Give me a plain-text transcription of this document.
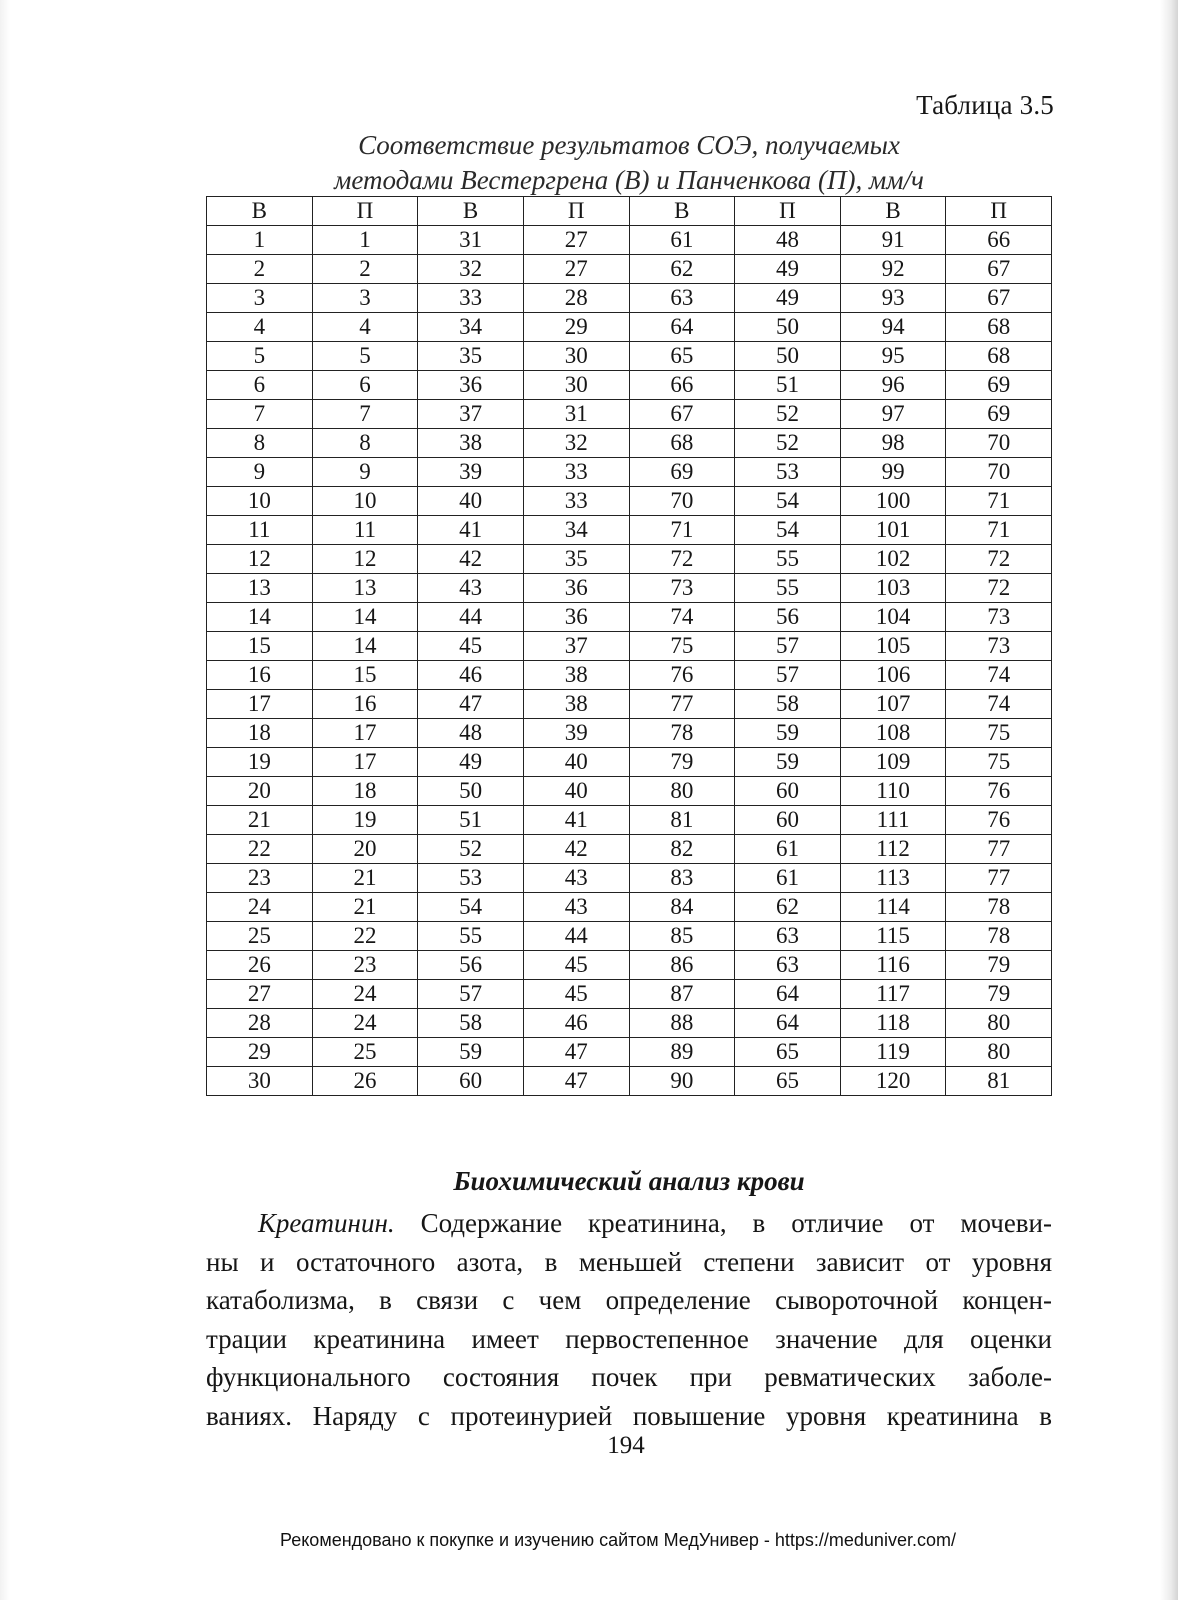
Таблица 3.5
Соответствие результатов СОЭ, получаемых
методами Вестергрена (В) и Панченкова (П), мм/ч
В	П	В	П	В	П	В	П
1	1	31	27	61	48	91	66
2	2	32	27	62	49	92	67
3	3	33	28	63	49	93	67
4	4	34	29	64	50	94	68
5	5	35	30	65	50	95	68
6	6	36	30	66	51	96	69
7	7	37	31	67	52	97	69
8	8	38	32	68	52	98	70
9	9	39	33	69	53	99	70
10	10	40	33	70	54	100	71
11	11	41	34	71	54	101	71
12	12	42	35	72	55	102	72
13	13	43	36	73	55	103	72
14	14	44	36	74	56	104	73
15	14	45	37	75	57	105	73
16	15	46	38	76	57	106	74
17	16	47	38	77	58	107	74
18	17	48	39	78	59	108	75
19	17	49	40	79	59	109	75
20	18	50	40	80	60	110	76
21	19	51	41	81	60	111	76
22	20	52	42	82	61	112	77
23	21	53	43	83	61	113	77
24	21	54	43	84	62	114	78
25	22	55	44	85	63	115	78
26	23	56	45	86	63	116	79
27	24	57	45	87	64	117	79
28	24	58	46	88	64	118	80
29	25	59	47	89	65	119	80
30	26	60	47	90	65	120	81
Биохимический анализ крови
Креатинин. Содержание креатинина, в отличие от мочеви-
ны и остаточного азота, в меньшей степени зависит от уровня
катаболизма, в связи с чем определение сывороточной концен-
трации креатинина имеет первостепенное значение для оценки
функционального состояния почек при ревматических заболе-
ваниях. Наряду с протеинурией повышение уровня креатинина в
194
Рекомендовано к покупке и изучению сайтом МедУнивер - https://meduniver.com/
